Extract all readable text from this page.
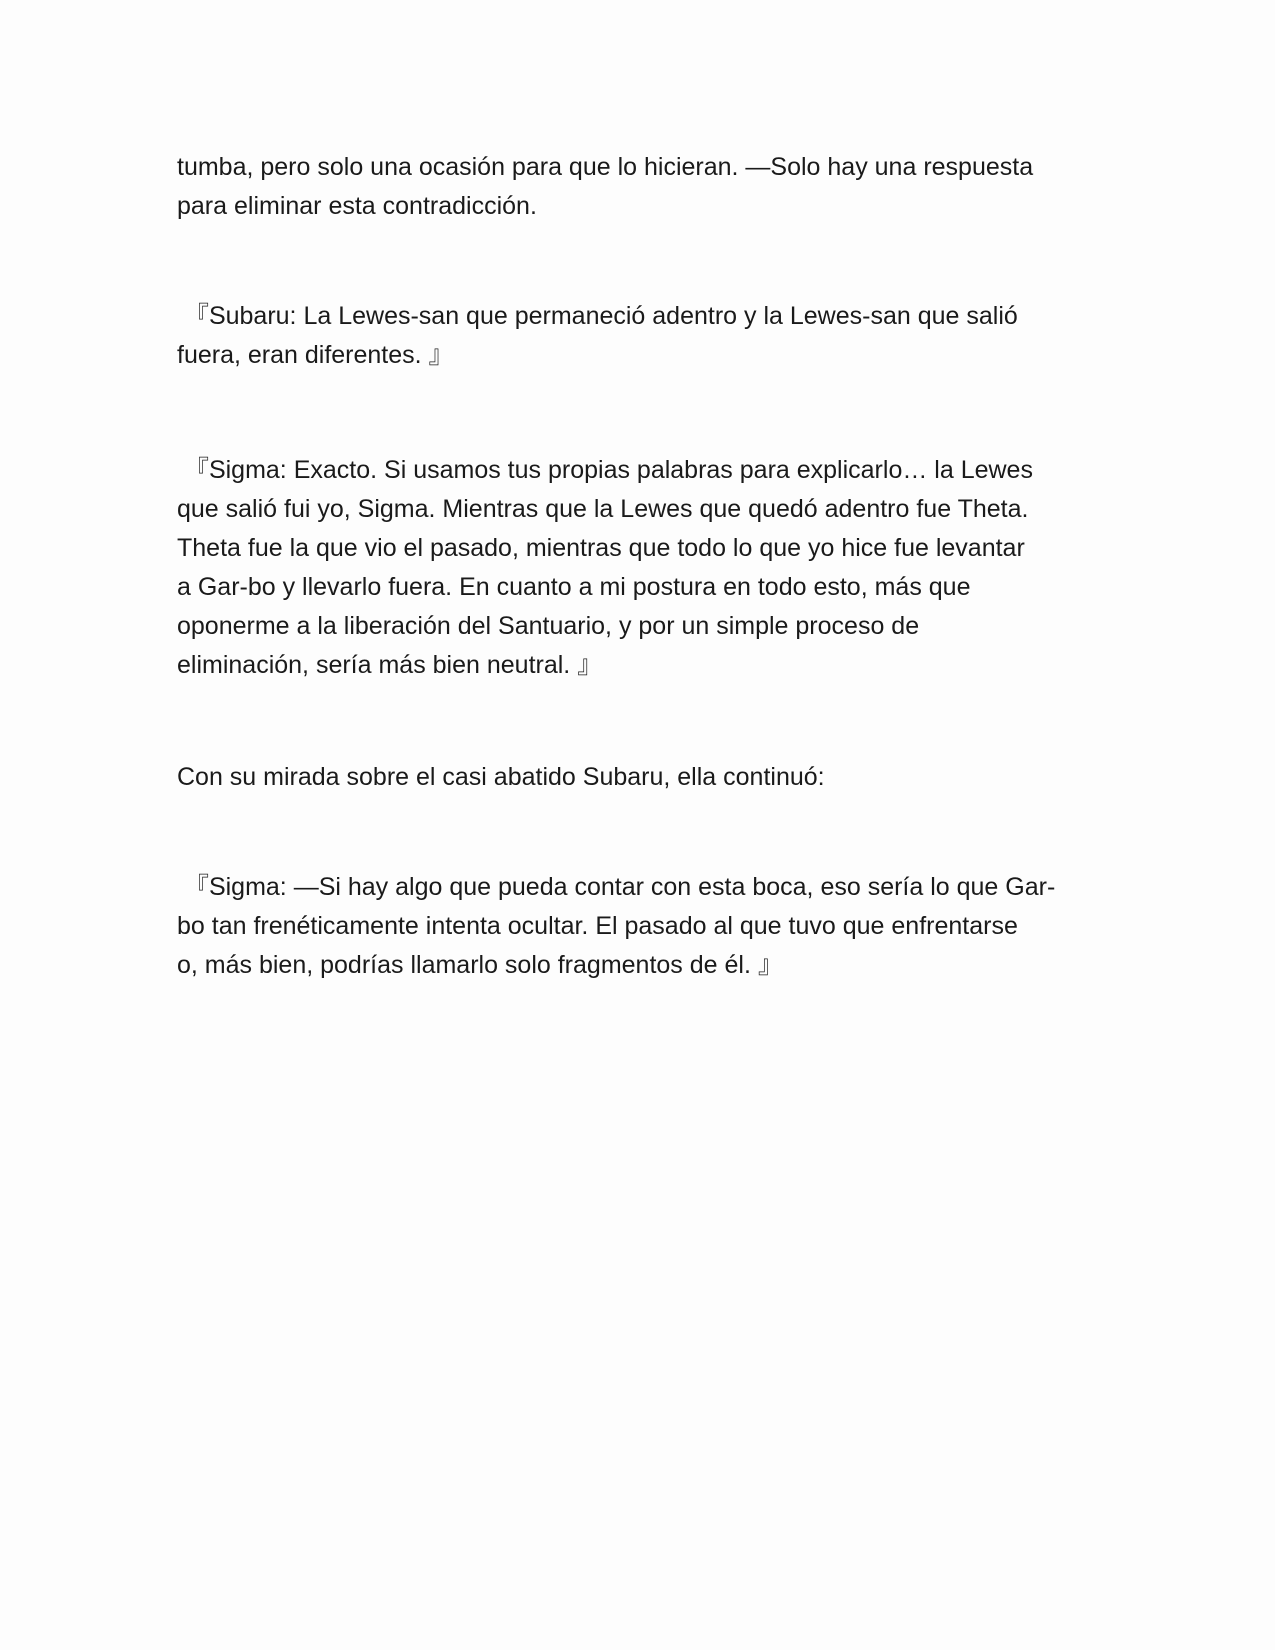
tumba, pero solo una ocasión para que lo hicieran. —Solo hay una respuesta
para eliminar esta contradicción.
『Subaru: La Lewes-san que permaneció adentro y la Lewes-san que salió
fuera, eran diferentes. 』
『Sigma: Exacto. Si usamos tus propias palabras para explicarlo… la Lewes
que salió fui yo, Sigma. Mientras que la Lewes que quedó adentro fue Theta.
Theta fue la que vio el pasado, mientras que todo lo que yo hice fue levantar
a Gar-bo y llevarlo fuera. En cuanto a mi postura en todo esto, más que
oponerme a la liberación del Santuario, y por un simple proceso de
eliminación, sería más bien neutral. 』
Con su mirada sobre el casi abatido Subaru, ella continuó:
『Sigma: —Si hay algo que pueda contar con esta boca, eso sería lo que Gar-
bo tan frenéticamente intenta ocultar. El pasado al que tuvo que enfrentarse
o, más bien, podrías llamarlo solo fragmentos de él. 』
